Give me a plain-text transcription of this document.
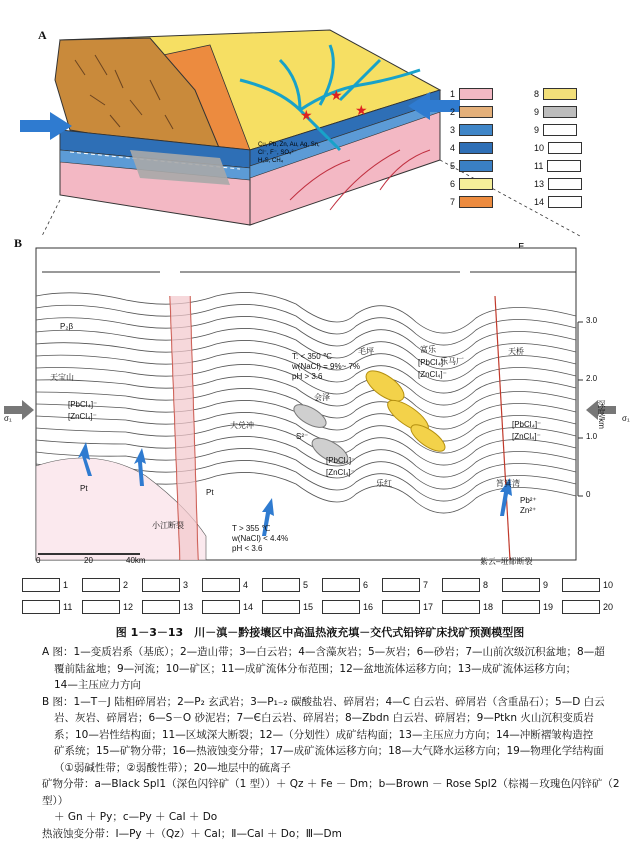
A
★
★
★
Cu, Pb, Zn, Au, Ag, Sn,
Cl⁻, F⁻, SO₄²⁻
H₂S, CH₄
1
2
3
4
5
6
7
8
9
9
10
11
13
14
B
3.0
2.0
1.0
0
深度/km
0	20	40km
σ₁	σ₁
Pt	Pt
P₂β
T: < 350 ℃
w(NaCl) = 9%~ 7%
pH > 3.6
T > 355 ℃
w(NaCl) < 4.4%
pH < 3.6
[PbCl₄]⁻
[ZnCl₄]⁻
[PbCl₄]⁻
[ZnCl₄]⁻
[PbCl₄]⁻
[ZnCl₄]⁻
[PbCl₄]⁻
[ZnCl₄]⁻
Pb²⁺
Zn²⁺
S²⁻
天宝山
大兑冲
会泽
毛坪	富乐
乐马厂
天桥
筲箕湾
小江断裂
紫云–垭都断裂
乐红
1	2	3	4	5	6	7	8	9	10
11	12	13	14	15	16	17	18	19	20
图 1－3－13　川－滇－黔接壤区中高温热液充填－交代式铅锌矿床找矿预测模型图

A 图：1—变质岩系（基底）；2—造山带；3—白云岩；4—含藻灰岩；5—灰岩；6—砂岩；7—山前次级沉积盆地；8—超

覆前陆盆地；9—河流；10—矿区；11—成矿流体分布范围；12—盆地流体运移方向；13—成矿流体运移方向；

14—主压应力方向

B 图：1—T－J 陆相碎屑岩；2—P₂ 玄武岩；3—P₁₋₂ 碳酸盐岩、碎屑岩；4—C 白云岩、碎屑岩（含重晶石）；5—D 白云

岩、灰岩、碎屑岩；6—S－O 砂泥岩；7—Є白云岩、碎屑岩；8—Zbdn 白云岩、碎屑岩；9—Ptkn 火山沉积变质岩

系；10—岩性结构面；11—区域深大断裂；12—（分划性）成矿结构面；13—主压应力方向；14—冲断褶皱构造控

矿系统；15—矿物分带；16—热液蚀变分带；17—成矿流体运移方向；18—大气降水运移方向；19—物理化学结构面

（①弱碱性带；②弱酸性带）；20—地层中的硫离子

矿物分带：a—Black Spl1（深色闪锌矿（1 型））＋ Qz ＋ Fe － Dm；b—Brown － Rose Spl2（棕褐－玫瑰色闪锌矿（2 型））

＋ Gn ＋ Py；c—Py ＋ Cal ＋ Do

热液蚀变分带：Ⅰ—Py ＋（Qz）＋ Cal；Ⅱ—Cal ＋ Do；Ⅲ—Dm
